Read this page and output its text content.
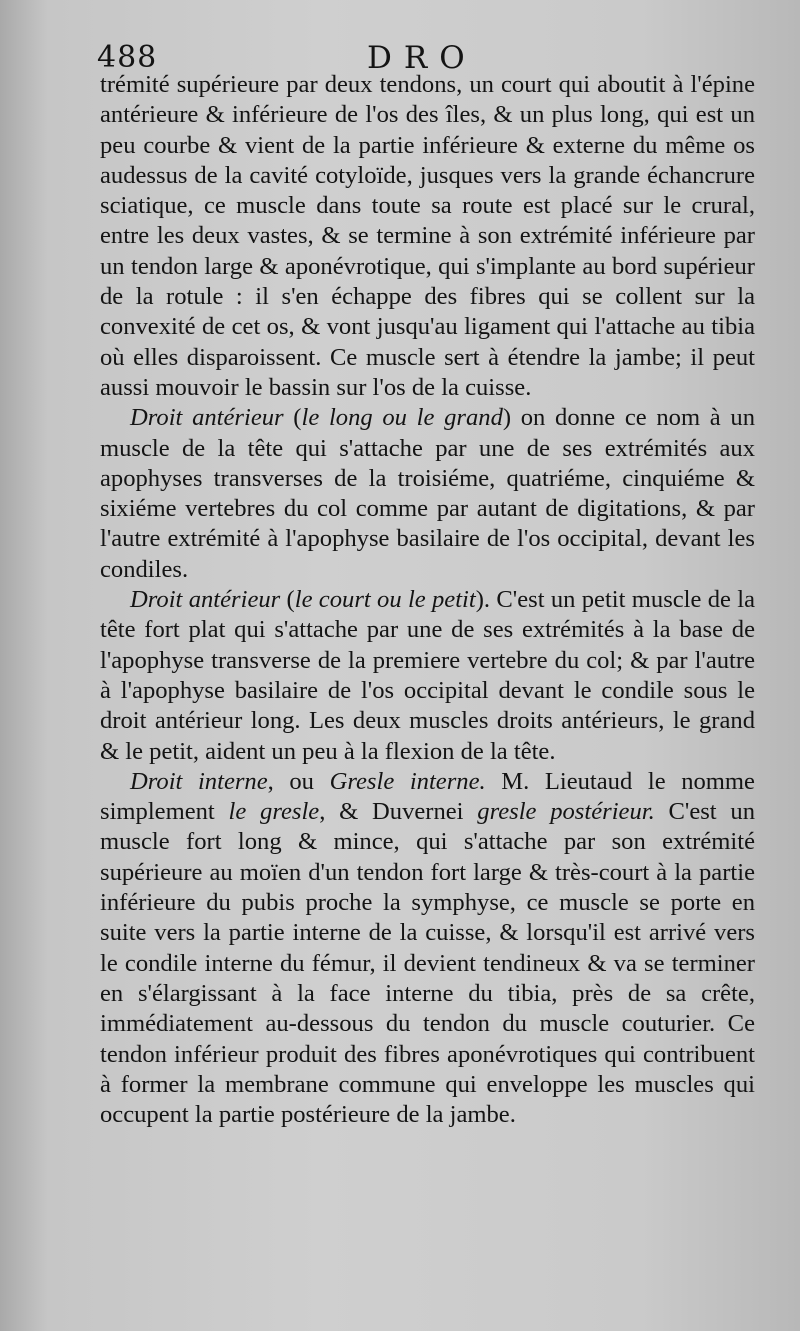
488	DRO

trémité supérieure par deux tendons, un court qui aboutit à l'épine antérieure & inférieure de l'os des îles, & un plus long, qui est un peu courbe & vient de la partie inférieure & externe du même os audessus de la cavité cotyloïde, jusques vers la grande échancrure sciatique, ce muscle dans toute sa route est placé sur le crural, entre les deux vastes, & se termine à son extrémité inférieure par un tendon large & aponévrotique, qui s'implante au bord supérieur de la rotule : il s'en échappe des fibres qui se collent sur la convexité de cet os, & vont jusqu'au ligament qui l'attache au tibia où elles disparoissent. Ce muscle sert à étendre la jambe; il peut aussi mouvoir le bassin sur l'os de la cuisse.

Droit antérieur (le long ou le grand) on donne ce nom à un muscle de la tête qui s'attache par une de ses extrémités aux apophyses transverses de la troisiéme, quatriéme, cinquiéme & sixiéme vertebres du col comme par autant de digitations, & par l'autre extrémité à l'apophyse basilaire de l'os occipital, devant les condiles.

Droit antérieur (le court ou le petit). C'est un petit muscle de la tête fort plat qui s'attache par une de ses extrémités à la base de l'apophyse transverse de la premiere vertebre du col; & par l'autre à l'apophyse basilaire de l'os occipital devant le condile sous le droit antérieur long. Les deux muscles droits antérieurs, le grand & le petit, aident un peu à la flexion de la tête.

Droit interne, ou Gresle interne. M. Lieutaud le nomme simplement le gresle, & Duvernei gresle postérieur. C'est un muscle fort long & mince, qui s'attache par son extrémité supérieure au moïen d'un tendon fort large & très-court à la partie inférieure du pubis proche la symphyse, ce muscle se porte en suite vers la partie interne de la cuisse, & lorsqu'il est arrivé vers le condile interne du fémur, il devient tendineux & va se terminer en s'élargissant à la face interne du tibia, près de sa crête, immédiatement au-dessous du tendon du muscle couturier. Ce tendon inférieur produit des fibres aponévrotiques qui contribuent à former la membrane commune qui enveloppe les muscles qui occupent la partie postérieure de la jambe.
